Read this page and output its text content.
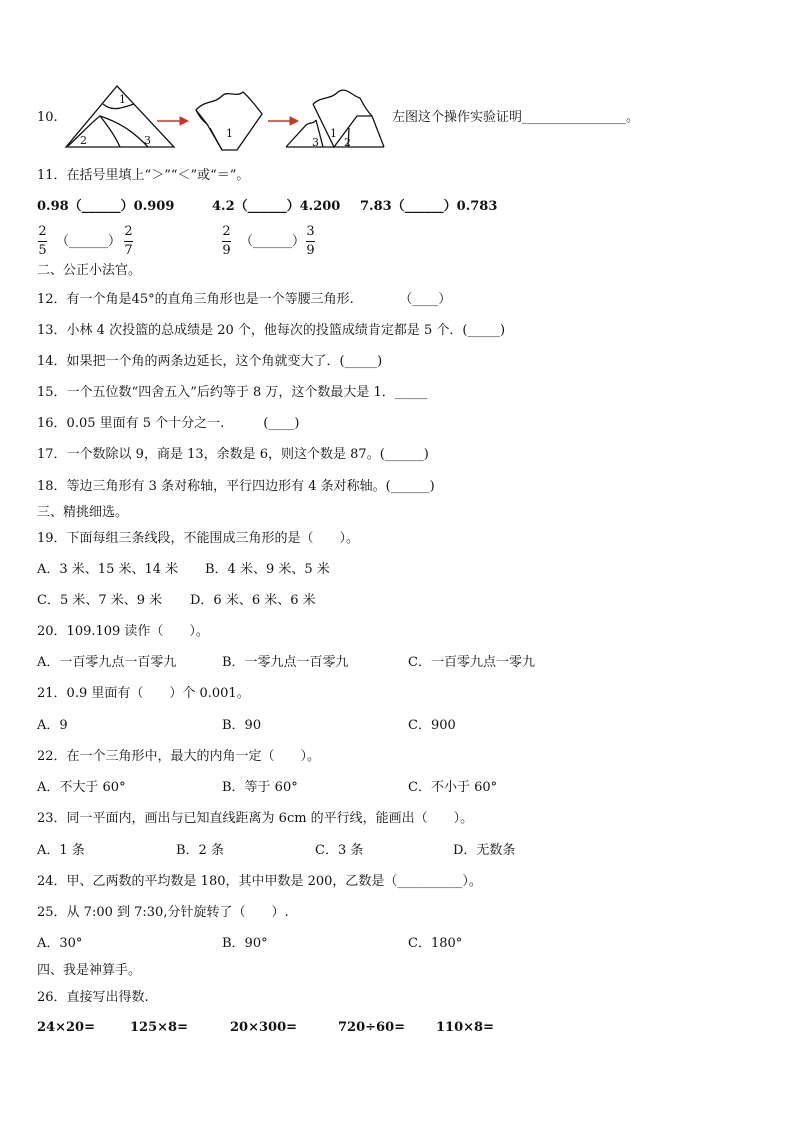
10.
1
2	3
1
3
1
2
左图这个操作实验证明________________。
11．在括号里填上“＞”“＜”或“＝”。
0.98（______）0.909	4.2（______）4.200 7.83（______）0.783
2
5
（______）
2
7
2
9
（______）
3
9
二、公正小法官。
12．有一个角是45°的直角三角形也是一个等腰三角形.　　　　（____）
13．小林 4 次投篮的总成绩是 20 个，他每次的投篮成绩肯定都是 5 个．(_____)
14．如果把一个角的两条边延长，这个角就变大了．(_____)
15．一个五位数“四舍五入”后约等于 8 万，这个数最大是 1．_____
16．0.05 里面有 5 个十分之一.　　　(____)
17．一个数除以 9，商是 13，余数是 6，则这个数是 87。(______)
18．等边三角形有 3 条对称轴，平行四边形有 4 条对称轴。(______)
三、精挑细选。
19．下面每组三条线段，不能围成三角形的是（　　）。
A．3 米、15 米、14 米 B．4 米、9 米、5 米
C．5 米、7 米、9 米 D．6 米、6 米、6 米
20．109.109 读作（　　）。
A．一百零九点一百零九	B．一零九点一百零九	C．一百零九点一零九
21．0.9 里面有（　　）个 0.001。
A．9	B．90	C．900
22．在一个三角形中，最大的内角一定（　　）。
A．不大于 60°	B．等于 60°	C．不小于 60°
23．同一平面内，画出与已知直线距离为 6cm 的平行线，能画出（　　）。
A．1 条	B．2 条	C．3 条	D．无数条
24．甲、乙两数的平均数是 180，其中甲数是 200，乙数是（__________）。
25．从 7:00 到 7:30,分针旋转了（　　）.
A．30°	B．90°	C．180°
四、我是神算手。
26．直接写出得数.
24×20=	125×8=	20×300=	720÷60= 110×8=
